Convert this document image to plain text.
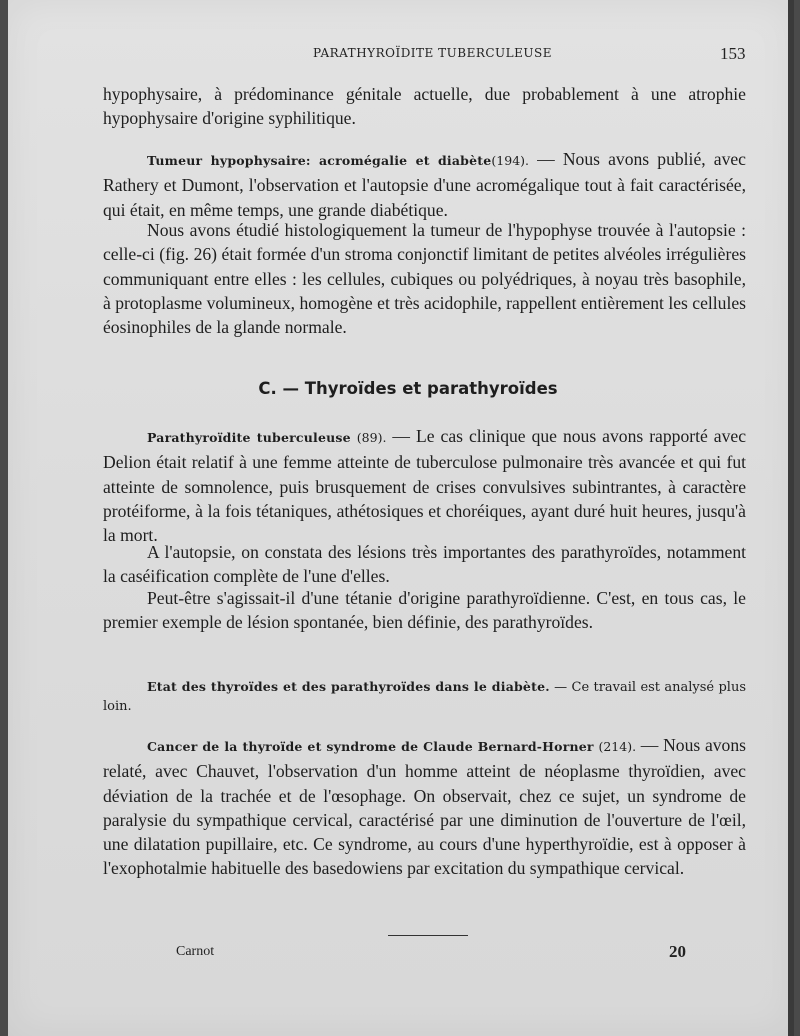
PARATHYROÏDITE TUBERCULEUSE	153

hypophysaire, à prédominance génitale actuelle, due probablement à une atrophie hypophysaire d'origine syphilitique.

Tumeur hypophysaire: acromégalie et diabète(194). — Nous avons publié, avec Rathery et Dumont, l'observation et l'autopsie d'une acromégalique tout à fait caractérisée, qui était, en même temps, une grande diabétique.

Nous avons étudié histologiquement la tumeur de l'hypophyse trouvée à l'autopsie : celle-ci (fig. 26) était formée d'un stroma conjonctif limitant de petites alvéoles irrégulières communiquant entre elles : les cellules, cubiques ou polyédriques, à noyau très basophile, à protoplasme volumineux, homogène et très acidophile, rappellent entièrement les cellules éosinophiles de la glande normale.

C. — Thyroïdes et parathyroïdes

Parathyroïdite tuberculeuse (89). — Le cas clinique que nous avons rapporté avec Delion était relatif à une femme atteinte de tuberculose pulmonaire très avancée et qui fut atteinte de somnolence, puis brusquement de crises convulsives subintrantes, à caractère protéiforme, à la fois tétaniques, athétosiques et choréiques, ayant duré huit heures, jusqu'à la mort.

A l'autopsie, on constata des lésions très importantes des parathyroïdes, notamment la caséification complète de l'une d'elles.

Peut-être s'agissait-il d'une tétanie d'origine parathyroïdienne. C'est, en tous cas, le premier exemple de lésion spontanée, bien définie, des parathyroïdes.

Etat des thyroïdes et des parathyroïdes dans le diabète. — Ce travail est analysé plus loin.

Cancer de la thyroïde et syndrome de Claude Bernard-Horner (214). — Nous avons relaté, avec Chauvet, l'observation d'un homme atteint de néoplasme thyroïdien, avec déviation de la trachée et de l'œsophage. On observait, chez ce sujet, un syndrome de paralysie du sympathique cervical, caractérisé par une diminution de l'ouverture de l'œil, une dilatation pupillaire, etc. Ce syndrome, au cours d'une hyperthyroïdie, est à opposer à l'exophotalmie habituelle des basedowiens par excitation du sympathique cervical.

Carnot	20
